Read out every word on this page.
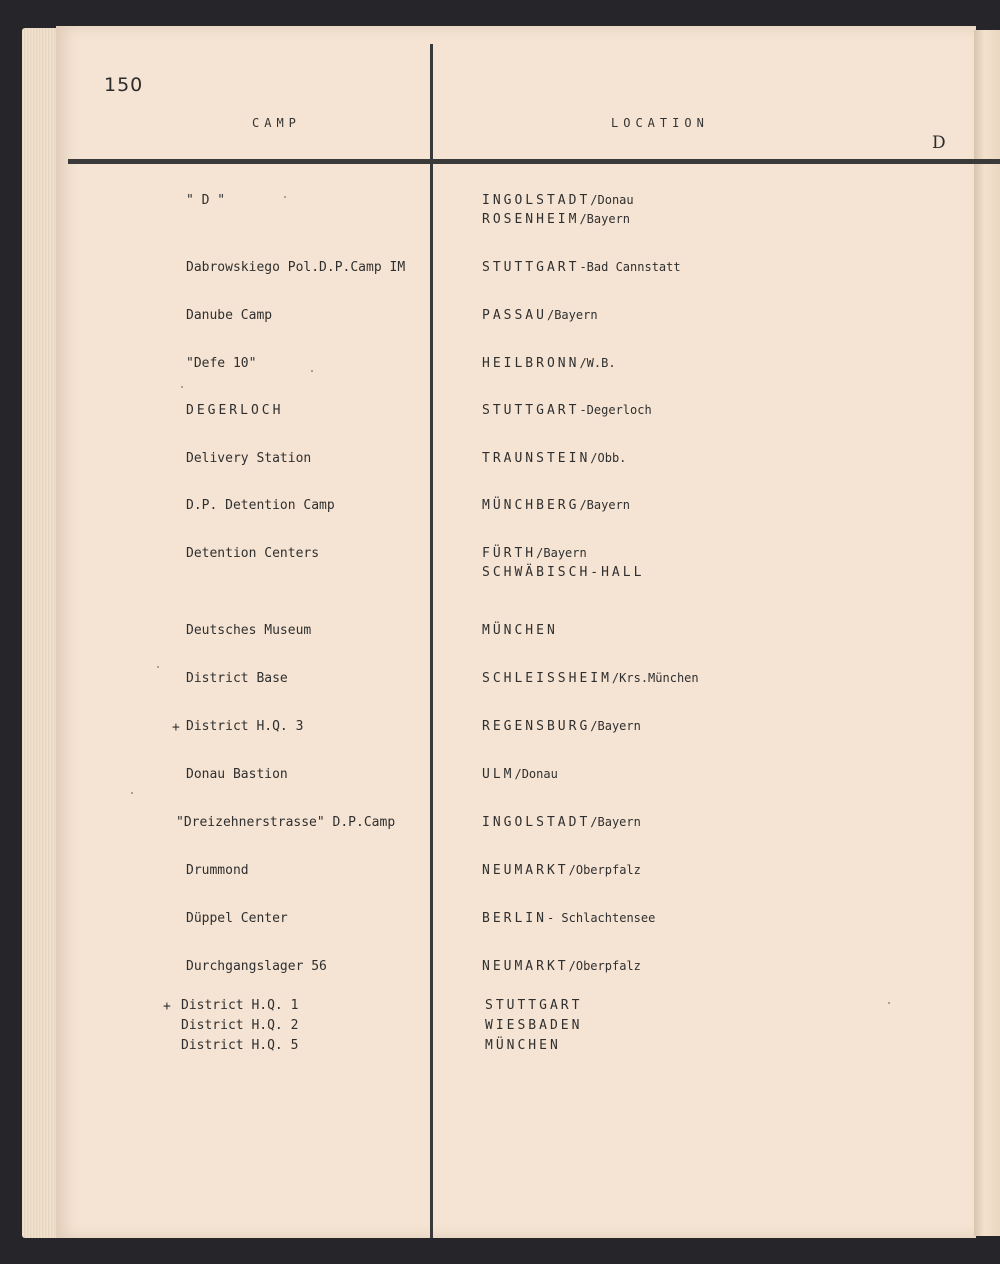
150
CAMP	LOCATION
D
+
+
" D "	INGOLSTADT/Donau
ROSENHEIM/Bayern
Dabrowskiego Pol.D.P.Camp IM	STUTTGART-Bad Cannstatt
Danube Camp	PASSAU/Bayern
"Defe 10"	HEILBRONN/W.B.
DEGERLOCH	STUTTGART-Degerloch
Delivery Station	TRAUNSTEIN/Obb.
D.P. Detention Camp	MÜNCHBERG/Bayern
Detention Centers	FÜRTH/Bayern
SCHWÄBISCH-HALL
Deutsches Museum	MÜNCHEN
District Base	SCHLEISSHEIM/Krs.München
District H.Q. 3	REGENSBURG/Bayern
Donau Bastion	ULM/Donau
"Dreizehnerstrasse" D.P.Camp	INGOLSTADT/Bayern
Drummond	NEUMARKT/Oberpfalz
Düppel Center	BERLIN- Schlachtensee
Durchgangslager 56	NEUMARKT/Oberpfalz
District H.Q. 1	STUTTGART
District H.Q. 2	WIESBADEN
District H.Q. 5	MÜNCHEN
